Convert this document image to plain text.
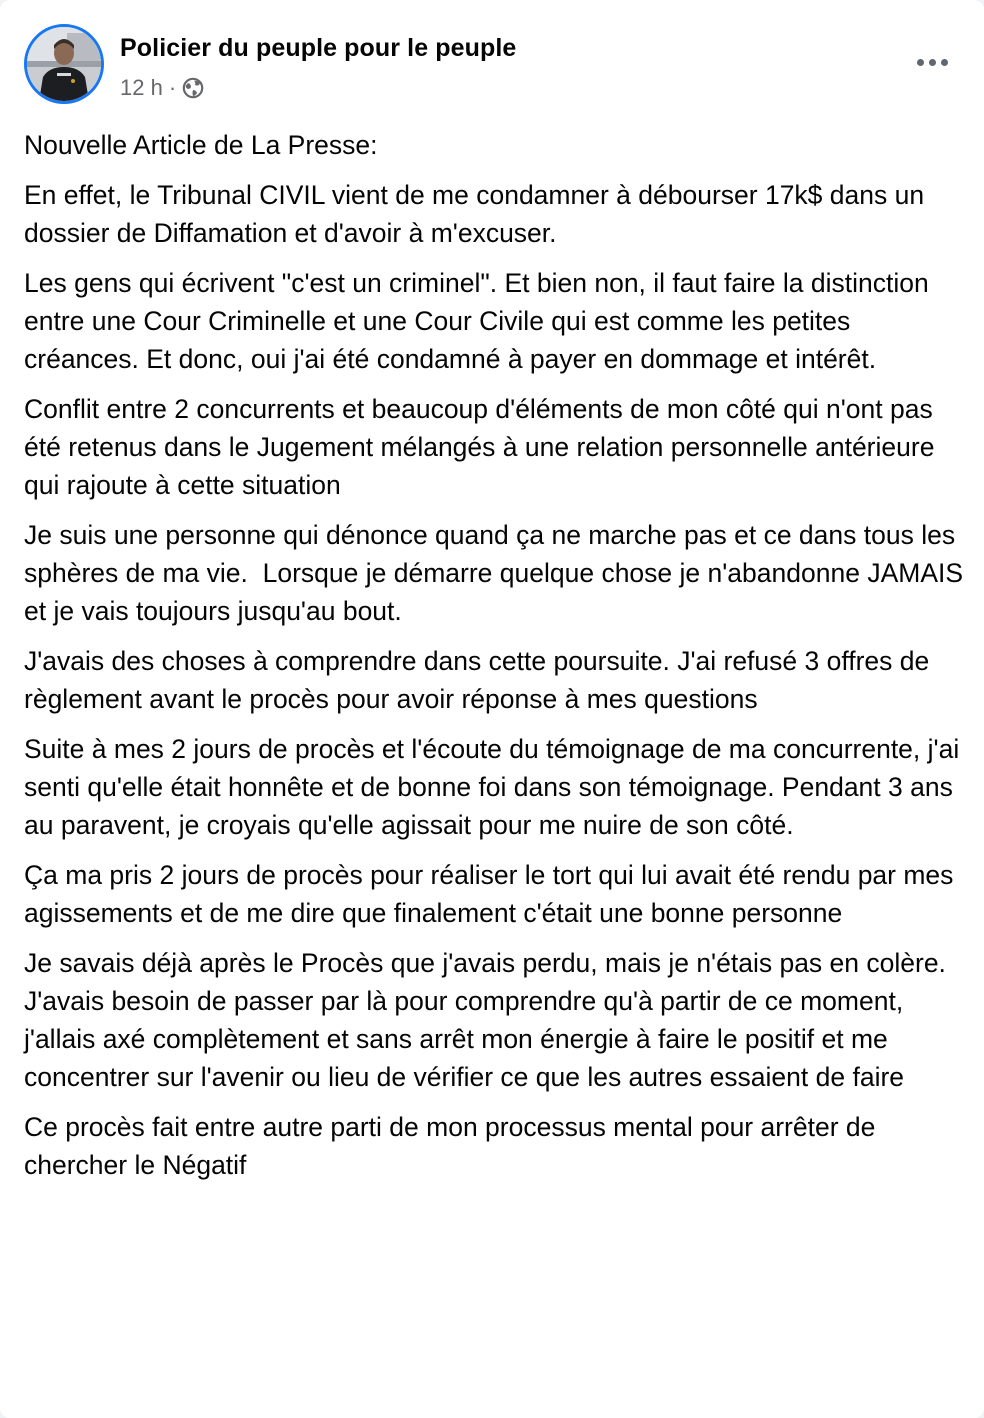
Policier du peuple pour le peuple
12 h ·

Nouvelle Article de La Presse:

En effet, le Tribunal CIVIL vient de me condamner à débourser 17k$ dans un dossier de Diffamation et d'avoir à m'excuser.

Les gens qui écrivent "c'est un criminel". Et bien non, il faut faire la distinction entre une Cour Criminelle et une Cour Civile qui est comme les petites créances. Et donc, oui j'ai été condamné à payer en dommage et intérêt.

Conflit entre 2 concurrents et beaucoup d'éléments de mon côté qui n'ont pas été retenus dans le Jugement mélangés à une relation personnelle antérieure qui rajoute à cette situation

Je suis une personne qui dénonce quand ça ne marche pas et ce dans tous les sphères de ma vie.  Lorsque je démarre quelque chose je n'abandonne JAMAIS et je vais toujours jusqu'au bout.

J'avais des choses à comprendre dans cette poursuite. J'ai refusé 3 offres de règlement avant le procès pour avoir réponse à mes questions

Suite à mes 2 jours de procès et l'écoute du témoignage de ma concurrente, j'ai senti qu'elle était honnête et de bonne foi dans son témoignage. Pendant 3 ans au paravent, je croyais qu'elle agissait pour me nuire de son côté.

Ça ma pris 2 jours de procès pour réaliser le tort qui lui avait été rendu par mes agissements et de me dire que finalement c'était une bonne personne

Je savais déjà après le Procès que j'avais perdu, mais je n'étais pas en colère. J'avais besoin de passer par là pour comprendre qu'à partir de ce moment, j'allais axé complètement et sans arrêt mon énergie à faire le positif et me concentrer sur l'avenir ou lieu de vérifier ce que les autres essaient de faire

Ce procès fait entre autre parti de mon processus mental pour arrêter de chercher le Négatif
